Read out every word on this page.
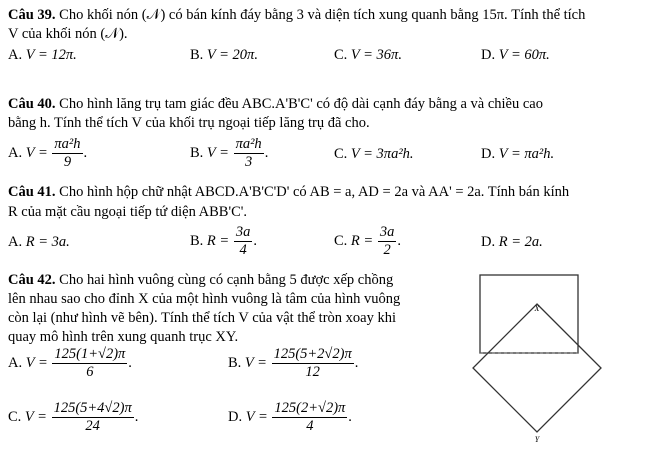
Câu 39. Cho khối nón (𝒩) có bán kính đáy bằng 3 và diện tích xung quanh bằng 15π. Tính thể tích
V của khối nón (𝒩).
A. V = 12π.	B. V = 20π.	C. V = 36π.	D. V = 60π.
Câu 40. Cho hình lăng trụ tam giác đều ABC.A'B'C' có độ dài cạnh đáy bằng a và chiều cao
bằng h. Tính thể tích V của khối trụ ngoại tiếp lăng trụ đã cho.
A. $V = \frac{\text{πa²h}}{9}$ .	B. $V = \frac{\text{πa²h}}{3}$ .	C. V = 3πa²h.	D. V = πa²h.
Câu 41. Cho hình hộp chữ nhật ABCD.A'B'C'D' có AB = a, AD = 2a và AA' = 2a. Tính bán kính
R của mặt cầu ngoại tiếp tứ diện ABB'C'.
A. R = 3a.	B. $R = \frac{3a}{4}$ .	C. $R = \frac{3a}{2}$ .	D. R = 2a.
Câu 42. Cho hai hình vuông cùng có cạnh bằng 5 được xếp chồng
lên nhau sao cho đỉnh X của một hình vuông là tâm của hình vuông
còn lại (như hình vẽ bên). Tính thể tích V của vật thể tròn xoay khi
quay mô hình trên xung quanh trục XY.
A. $V = \frac{125(1+√2)\pi}{6}$ .	B. $V = \frac{125(5+2√2)\pi}{12}$ .
C. $V = \frac{125(5+4√2)\pi}{24}$ .	D. $V = \frac{125(2+√2)\pi}{4}$ .
X
Y
